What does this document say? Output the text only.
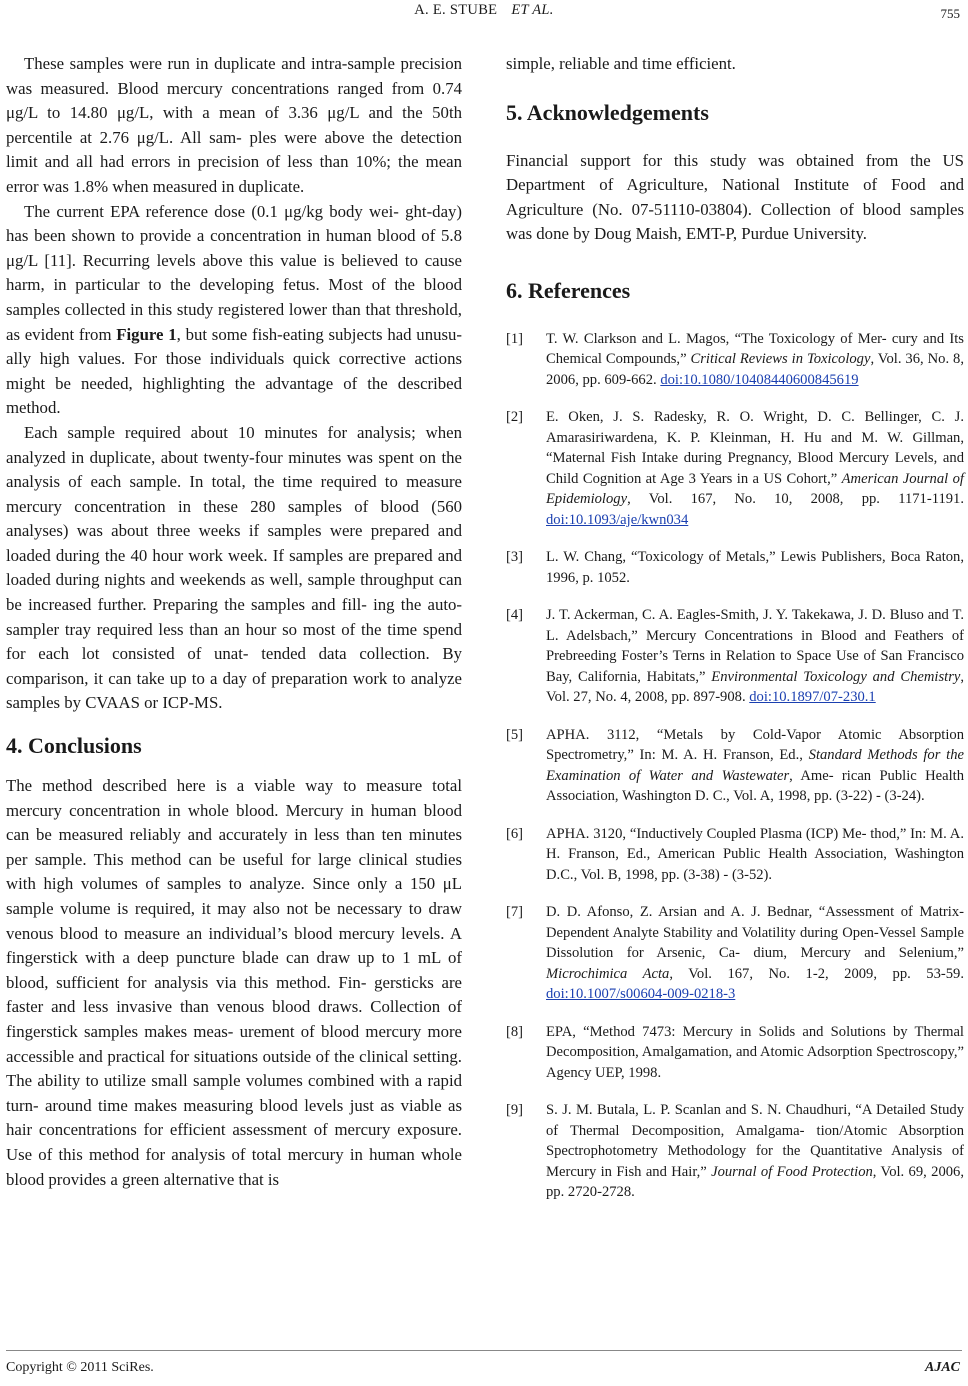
A. E. STUBE ET AL.	755

These samples were run in duplicate and intra-sample precision was measured. Blood mercury concentrations ranged from 0.74 μg/L to 14.80 μg/L, with a mean of 3.36 μg/L and the 50th percentile at 2.76 μg/L. All sam- ples were above the detection limit and all had errors in precision of less than 10%; the mean error was 1.8% when measured in duplicate.

The current EPA reference dose (0.1 μg/kg body wei- ght-day) has been shown to provide a concentration in human blood of 5.8 μg/L [11]. Recurring levels above this value is believed to cause harm, in particular to the developing fetus. Most of the blood samples collected in this study registered lower than that threshold, as evident from Figure 1, but some fish-eating subjects had unusu- ally high values. For those individuals quick corrective actions might be needed, highlighting the advantage of the described method.

Each sample required about 10 minutes for analysis; when analyzed in duplicate, about twenty-four minutes was spent on the analysis of each sample. In total, the time required to measure mercury concentration in these 280 samples of blood (560 analyses) was about three weeks if samples were prepared and loaded during the 40 hour work week. If samples are prepared and loaded during nights and weekends as well, sample throughput can be increased further. Preparing the samples and fill- ing the auto-sampler tray required less than an hour so most of the time spend for each lot consisted of unat- tended data collection. By comparison, it can take up to a day of preparation work to analyze samples by CVAAS or ICP-MS.

4. Conclusions

The method described here is a viable way to measure total mercury concentration in whole blood. Mercury in human blood can be measured reliably and accurately in less than ten minutes per sample. This method can be useful for large clinical studies with high volumes of samples to analyze. Since only a 150 μL sample volume is required, it may also not be necessary to draw venous blood to measure an individual’s blood mercury levels. A fingerstick with a deep puncture blade can draw up to 1 mL of blood, sufficient for analysis via this method. Fin- gersticks are faster and less invasive than venous blood draws. Collection of fingerstick samples makes meas- urement of blood mercury more accessible and practical for situations outside of the clinical setting. The ability to utilize small sample volumes combined with a rapid turn- around time makes measuring blood levels just as viable as hair concentrations for efficient assessment of mercury exposure. Use of this method for analysis of total mercury in human whole blood provides a green alternative that is

simple, reliable and time efficient.

5. Acknowledgements

Financial support for this study was obtained from the US Department of Agriculture, National Institute of Food and Agriculture (No. 07-51110-03804). Collection of blood samples was done by Doug Maish, EMT-P, Purdue University.

6. References
[1] T. W. Clarkson and L. Magos, “The Toxicology of Mer- cury and Its Chemical Compounds,” Critical Reviews in Toxicology, Vol. 36, No. 8, 2006, pp. 609-662. doi:10.1080/10408440600845619
[2] E. Oken, J. S. Radesky, R. O. Wright, D. C. Bellinger, C. J. Amarasiriwardena, K. P. Kleinman, H. Hu and M. W. Gillman, “Maternal Fish Intake during Pregnancy, Blood Mercury Levels, and Child Cognition at Age 3 Years in a US Cohort,” American Journal of Epidemiology, Vol. 167, No. 10, 2008, pp. 1171-1191. doi:10.1093/aje/kwn034
[3] L. W. Chang, “Toxicology of Metals,” Lewis Publishers, Boca Raton, 1996, p. 1052.
[4] J. T. Ackerman, C. A. Eagles-Smith, J. Y. Takekawa, J. D. Bluso and T. L. Adelsbach,” Mercury Concentrations in Blood and Feathers of Prebreeding Foster’s Terns in Relation to Space Use of San Francisco Bay, California, Habitats,” Environmental Toxicology and Chemistry, Vol. 27, No. 4, 2008, pp. 897-908. doi:10.1897/07-230.1
[5] APHA. 3112, “Metals by Cold-Vapor Atomic Absorption Spectrometry,” In: M. A. H. Franson, Ed., Standard Methods for the Examination of Water and Wastewater, Ame- rican Public Health Association, Washington D. C., Vol. A, 1998, pp. (3-22) - (3-24).
[6] APHA. 3120, “Inductively Coupled Plasma (ICP) Me- thod,” In: M. A. H. Franson, Ed., American Public Health Association, Washington D.C., Vol. B, 1998, pp. (3-38) - (3-52).
[7] D. D. Afonso, Z. Arsian and A. J. Bednar, “Assessment of Matrix-Dependent Analyte Stability and Volatility during Open-Vessel Sample Dissolution for Arsenic, Ca- dium, Mercury and Selenium,” Microchimica Acta, Vol. 167, No. 1-2, 2009, pp. 53-59. doi:10.1007/s00604-009-0218-3
[8] EPA, “Method 7473: Mercury in Solids and Solutions by Thermal Decomposition, Amalgamation, and Atomic Adsorption Spectroscopy,” Agency UEP, 1998.
[9] S. J. M. Butala, L. P. Scanlan and S. N. Chaudhuri, “A Detailed Study of Thermal Decomposition, Amalgama- tion/Atomic Absorption Spectrophotometry Methodology for the Quantitative Analysis of Mercury in Fish and Hair,” Journal of Food Protection, Vol. 69, 2006, pp. 2720-2728.
Copyright © 2011 SciRes.	AJAC
